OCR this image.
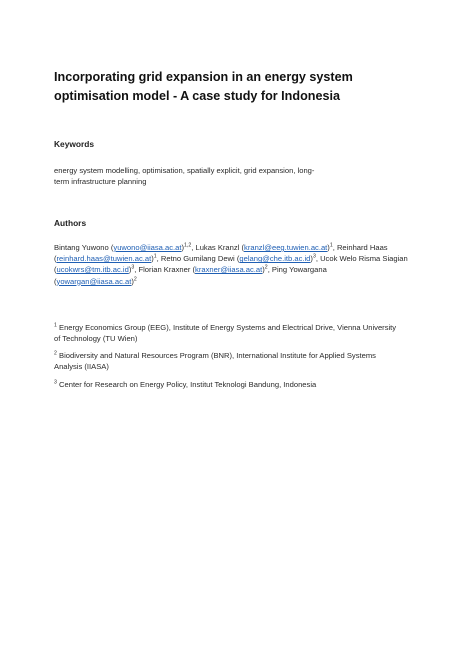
Incorporating grid expansion in an energy system
optimisation model - A case study for Indonesia
Keywords
energy system modelling, optimisation, spatially explicit, grid expansion, long-
term infrastructure planning
Authors
Bintang Yuwono (yuwono@iiasa.ac.at)$^{1,2}$, Lukas Kranzl (kranzl@eeg.tuwien.ac.at)$^1$, Reinhard Haas
(reinhard.haas@tuwien.ac.at)$^1$, Retno Gumilang Dewi (gelang@che.itb.ac.id)$^3$, Ucok Welo Risma Siagian
(ucokwrs@tm.itb.ac.id)$^3$, Florian Kraxner (kraxner@iiasa.ac.at)$^2$, Ping Yowargana
(yowargan@iiasa.ac.at)$^2$
$^1$ Energy Economics Group (EEG), Institute of Energy Systems and Electrical Drive, Vienna University
of Technology (TU Wien)
$^2$ Biodiversity and Natural Resources Program (BNR), International Institute for Applied Systems
Analysis (IIASA)
$^3$ Center for Research on Energy Policy, Institut Teknologi Bandung, Indonesia
